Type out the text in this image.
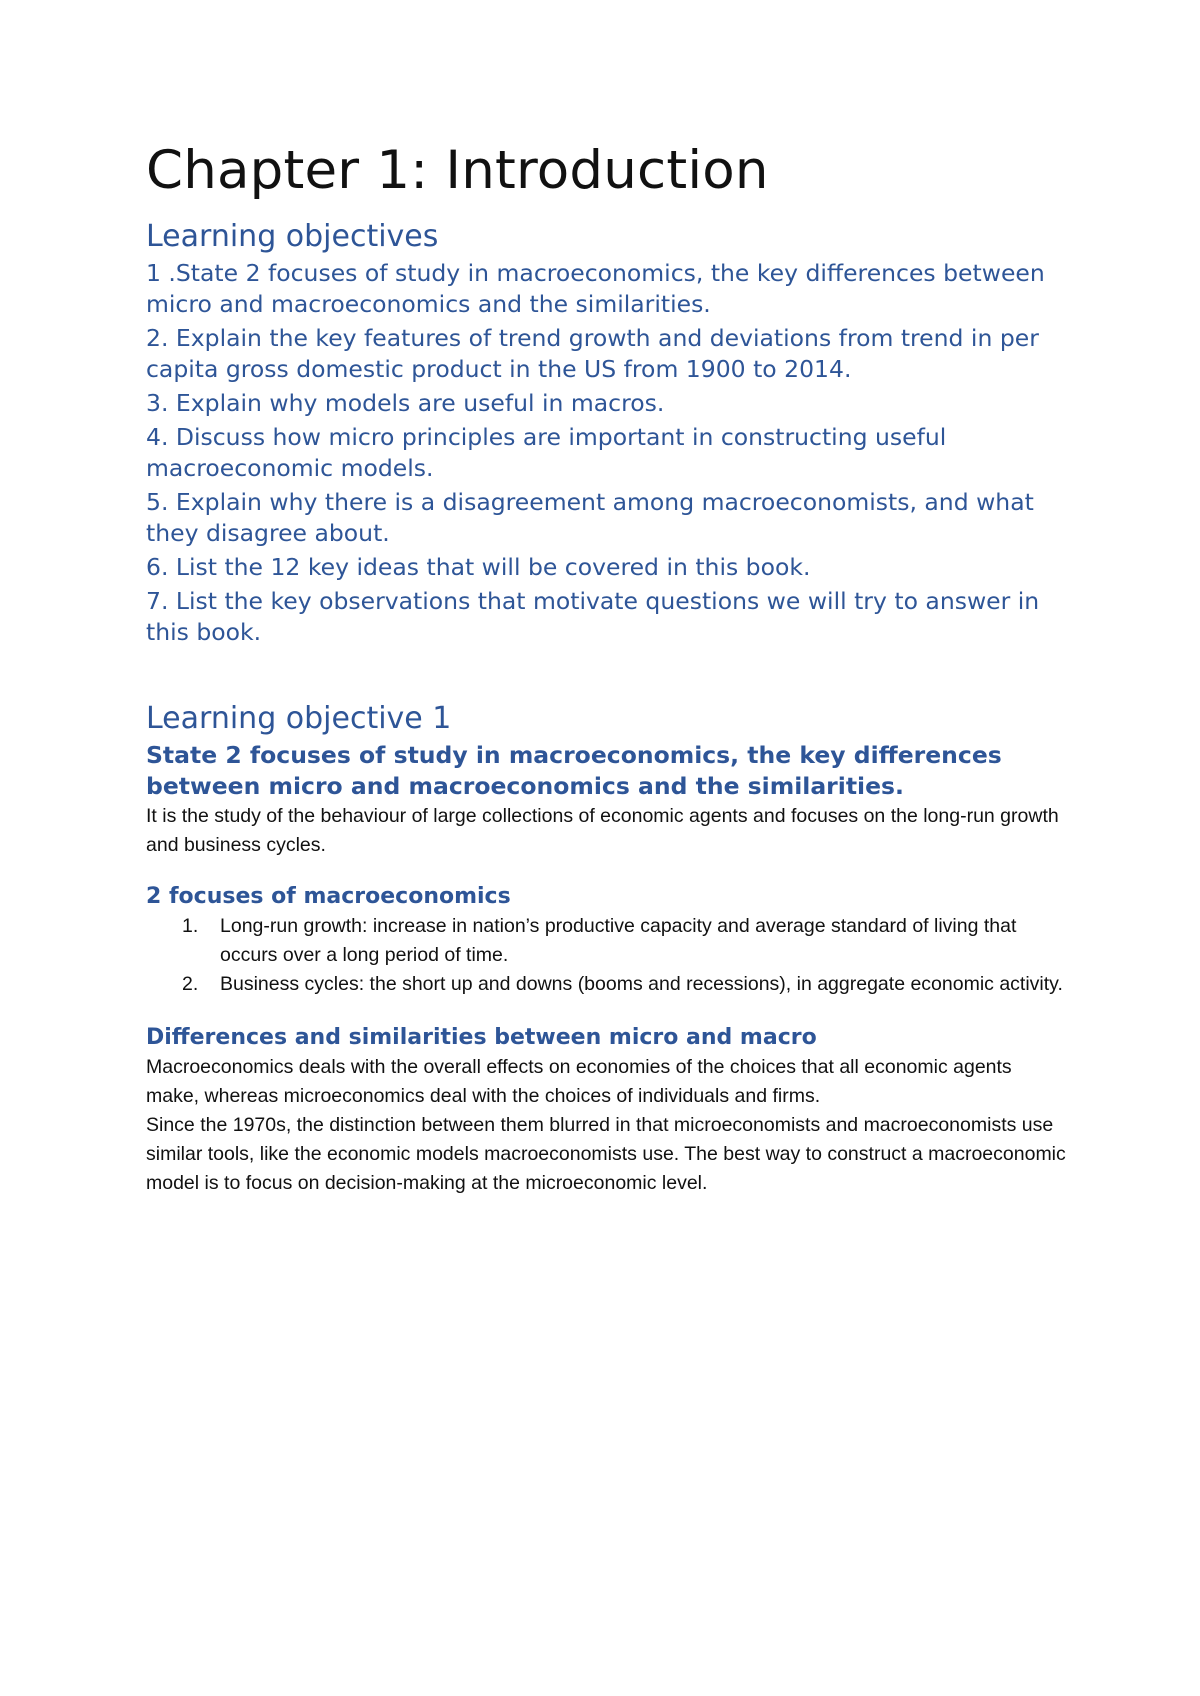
Chapter 1: Introduction
Learning objectives
1 .State 2 focuses of study in macroeconomics, the key differences between micro and macroeconomics and the similarities.
2. Explain the key features of trend growth and deviations from trend in per capita gross domestic product in the US from 1900 to 2014.
3. Explain why models are useful in macros.
4. Discuss how micro principles are important in constructing useful macroeconomic models.
5. Explain why there is a disagreement among macroeconomists, and what they disagree about.
6. List the 12 key ideas that will be covered in this book.
7. List the key observations that motivate questions we will try to answer in this book.
Learning objective 1
State 2 focuses of study in macroeconomics, the key differences between micro and macroeconomics and the similarities.

It is the study of the behaviour of large collections of economic agents and focuses on the long-run growth and business cycles.

2 focuses of macroeconomics
1. Long-run growth: increase in nation’s productive capacity and average standard of living that occurs over a long period of time.
2. Business cycles: the short up and downs (booms and recessions), in aggregate economic activity.
Differences and similarities between micro and macro

Macroeconomics deals with the overall effects on economies of the choices that all economic agents make, whereas microeconomics deal with the choices of individuals and firms.

Since the 1970s, the distinction between them blurred in that microeconomists and macroeconomists use similar tools, like the economic models macroeconomists use. The best way to construct a macroeconomic model is to focus on decision-making at the microeconomic level.
